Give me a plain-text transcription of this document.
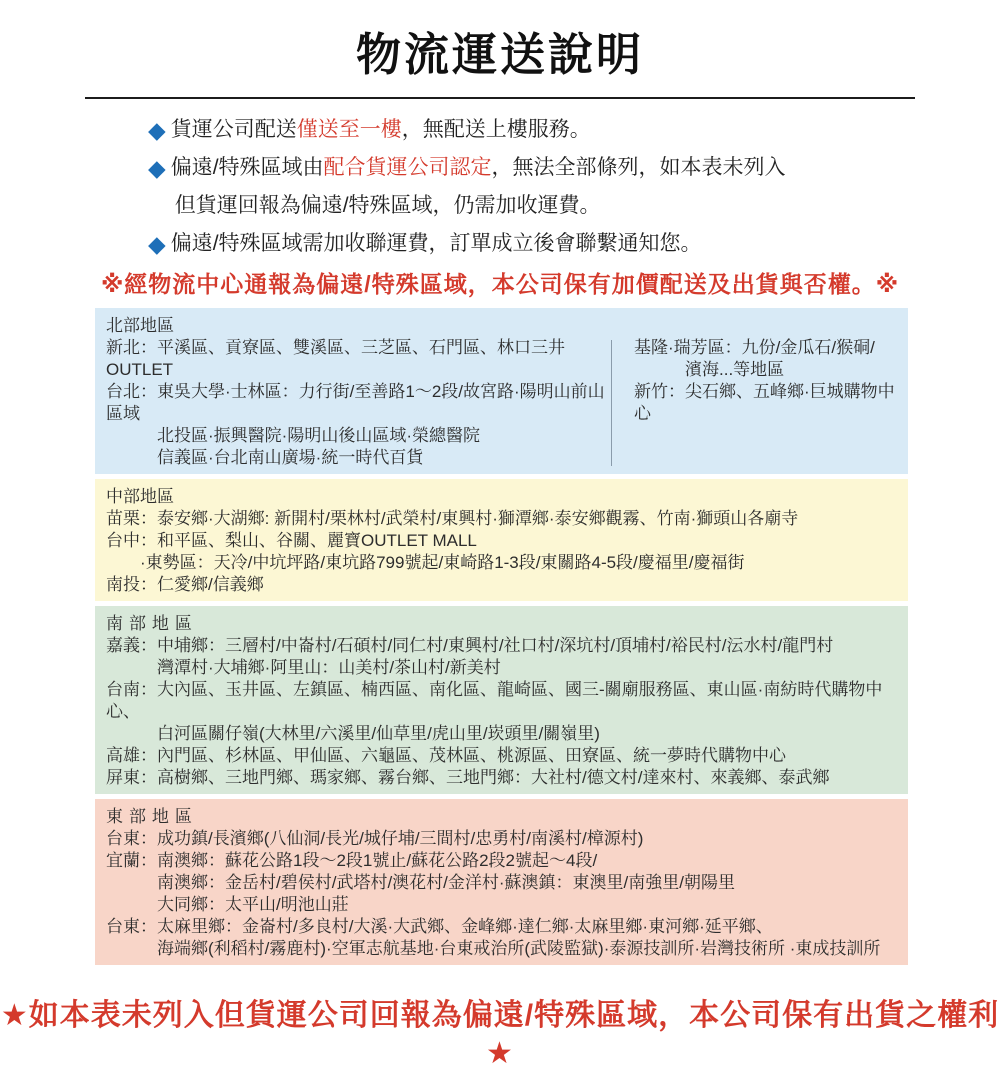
物流運送說明
◆ 貨運公司配送僅送至一樓，無配送上樓服務。
◆ 偏遠/特殊區域由配合貨運公司認定，無法全部條列，如本表未列入
但貨運回報為偏遠/特殊區域，仍需加收運費。
◆ 偏遠/特殊區域需加收聯運費，訂單成立後會聯繫通知您。
※經物流中心通報為偏遠/特殊區域，本公司保有加價配送及出貨與否權。※
北部地區
新北：平溪區、貢寮區、雙溪區、三芝區、石門區、林口三井OUTLET
台北：東吳大學·士林區：力行街/至善路1～2段/故宮路·陽明山前山區域
　　　北投區·振興醫院·陽明山後山區域·榮總醫院
　　　信義區·台北南山廣場·統一時代百貨
基隆·瑞芳區：九份/金瓜石/猴硐/
　　　濱海...等地區
新竹：尖石鄉、五峰鄉·巨城購物中心
中部地區
苗栗：泰安鄉·大湖鄉: 新開村/栗林村/武榮村/東興村·獅潭鄉·泰安鄉觀霧、竹南·獅頭山各廟寺
台中：和平區、梨山、谷關、麗寶OUTLET MALL
　　·東勢區：天冷/中坑坪路/東坑路799號起/東崎路1-3段/東關路4-5段/慶福里/慶福街
南投：仁愛鄉/信義鄉
南部地區
嘉義：中埔鄉：三層村/中崙村/石碩村/同仁村/東興村/社口村/深坑村/頂埔村/裕民村/沄水村/龍門村
　　　灣潭村·大埔鄉·阿里山：山美村/茶山村/新美村
台南：大內區、玉井區、左鎮區、楠西區、南化區、龍崎區、國三-關廟服務區、東山區·南紡時代購物中心、
　　　白河區關仔嶺(大林里/六溪里/仙草里/虎山里/崁頭里/關嶺里)
高雄：內門區、杉林區、甲仙區、六龜區、茂林區、桃源區、田寮區、統一夢時代購物中心
屏東：高樹鄉、三地門鄉、瑪家鄉、霧台鄉、三地門鄉：大社村/德文村/達來村、來義鄉、泰武鄉
東部地區
台東：成功鎮/長濱鄉(八仙洞/長光/城仔埔/三間村/忠勇村/南溪村/樟源村)
宜蘭：南澳鄉：蘇花公路1段～2段1號止/蘇花公路2段2號起～4段/
　　　南澳鄉：金岳村/碧侯村/武塔村/澳花村/金洋村·蘇澳鎮：東澳里/南強里/朝陽里
　　　大同鄉：太平山/明池山莊
台東：太麻里鄉：金崙村/多良村/大溪·大武鄉、金峰鄉·達仁鄉·太麻里鄉·東河鄉·延平鄉、
　　　海端鄉(利稻村/霧鹿村)·空軍志航基地·台東戒治所(武陵監獄)·泰源技訓所·岩灣技術所 ·東成技訓所
★如本表未列入但貨運公司回報為偏遠/特殊區域，本公司保有出貨之權利★
